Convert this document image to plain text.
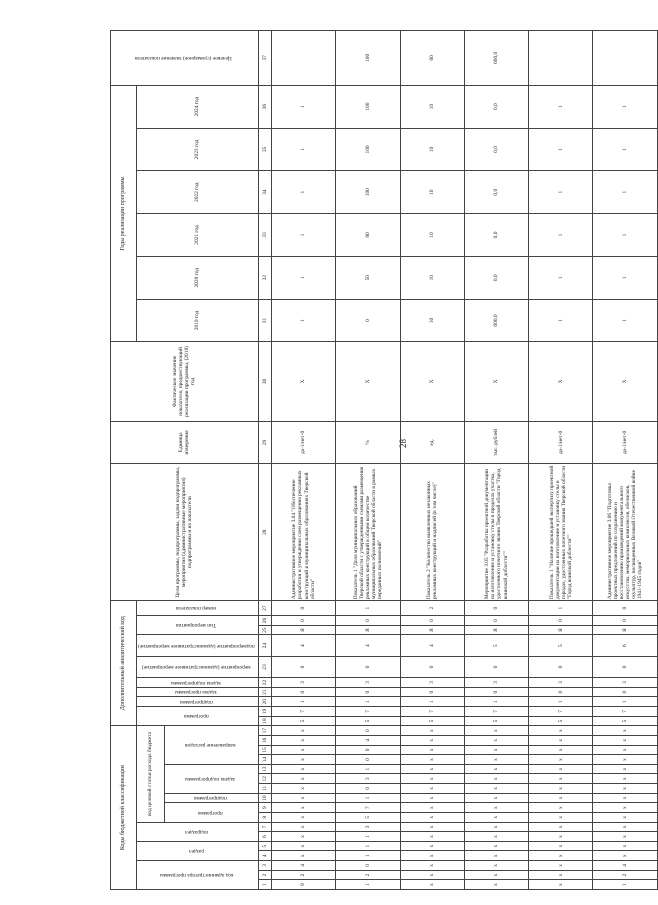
28
Коды бюджетной классификации																	Дополнительный аналитический код										Цели программы, подпрограммы, задачи подпрограммы, мероприятия (административные мероприятия) подпрограммы и их показатели	Единица измерения	Фактическое значение показателя, предшествующий реализации программы, (2018) год	Годы реализации программы						Целевое (суммарное) значение показателя
код администратора программы			раздел		подраздел		код целевой статьи расхода бюджета										программа		подпрограмма	задача программы	задача подпрограммы	мероприятие (административное мероприятие)	подмероприятие (административное мероприятие)	Тип мероприятия		номер показателя				2019 год	2020 год	2021 год	2022 год	2023 год	2024 год	
							программа		подпрограмма	задача подпрограммы			направление расходов																							
1	2	3	4	5	6	7	8	9	10	11	12	13	14	15	16	17	18	19	20	21	22	23	24	25	26	27	28	29	30	31	32	33	34	35	36	37
9	2	4	х	х	х	х	х	х	х	х	х	х	х	х	х	х	5	7	1	0	3	0	4	Я	0	0	Административное мероприятие 3.04 "Обеспечение разработки и утверждения схем размещения рекламных конструкций в муниципальных образованиях Тверской области"	да-1/нет-0	Х	1	1	1	1	1	1	
1	2	0	1	1	1	3	5	7	1	0	3	1	0	0	4	0	5	7	1	0	3	0	4	Я	0	1	Показатель 1 "Доля муниципальных образований Тверской области с утвержденными схемами размещения рекламных конструкций в общем количестве муниципальных образований Тверской области в рамках переданных полномочий"	%	Х	0	50	80	100	100	100	100
х	х	х	х	х	х	х	х	х	х	х	х	х	х	х	х	х	5	7	1	0	3	0	4	Я	0	2	Показатель 2 "Количество выявленных незаконных рекламных конструкций и надписей (в том числе)"	ед.	Х	10	10	10	10	10	10	60
х	х	х	х	х	х	х	х	х	х	х	х	х	х	х	х	х	5	7	1	0	3	0	5	Я	0	0	Мероприятие 3.05 "Разработка проектной документации на изготовление и установку стелы в пределах участка, удостоенного почетного звания Тверской области "Город воинской доблести""	тыс. рублей	Х	600,0	0,0	0,0	0,0	0,0	0,0	600,0
х	х	х	х	х	х	х	х	х	х	х	х	х	х	х	х	х	5	7	1	0	3	0	5	Я	0	1	Показатель 1 "Наличие прошедшей экспертизу проектной документации на изготовление и установку стелы в городах, удостоенных почетного звания Тверской области "Город воинской доблести""	да-1/нет-0	Х	1	1	1	1	1	1	
1	2	4	х	х	х	х	х	х	х	х	х	х	х	х	х	х	5	7	1	0	3	0	6	Я	0	0	Административное мероприятие 3.06 "Подготовка проектных предложений по сохранению и восстановлению произведений монументального искусства, мемориальных комплексов, обелисков, скульптур, посвященных Великой Отечественной войне 1941-1945 годов"	да-1/нет-0	Х	1	1	1	1	1	1	
